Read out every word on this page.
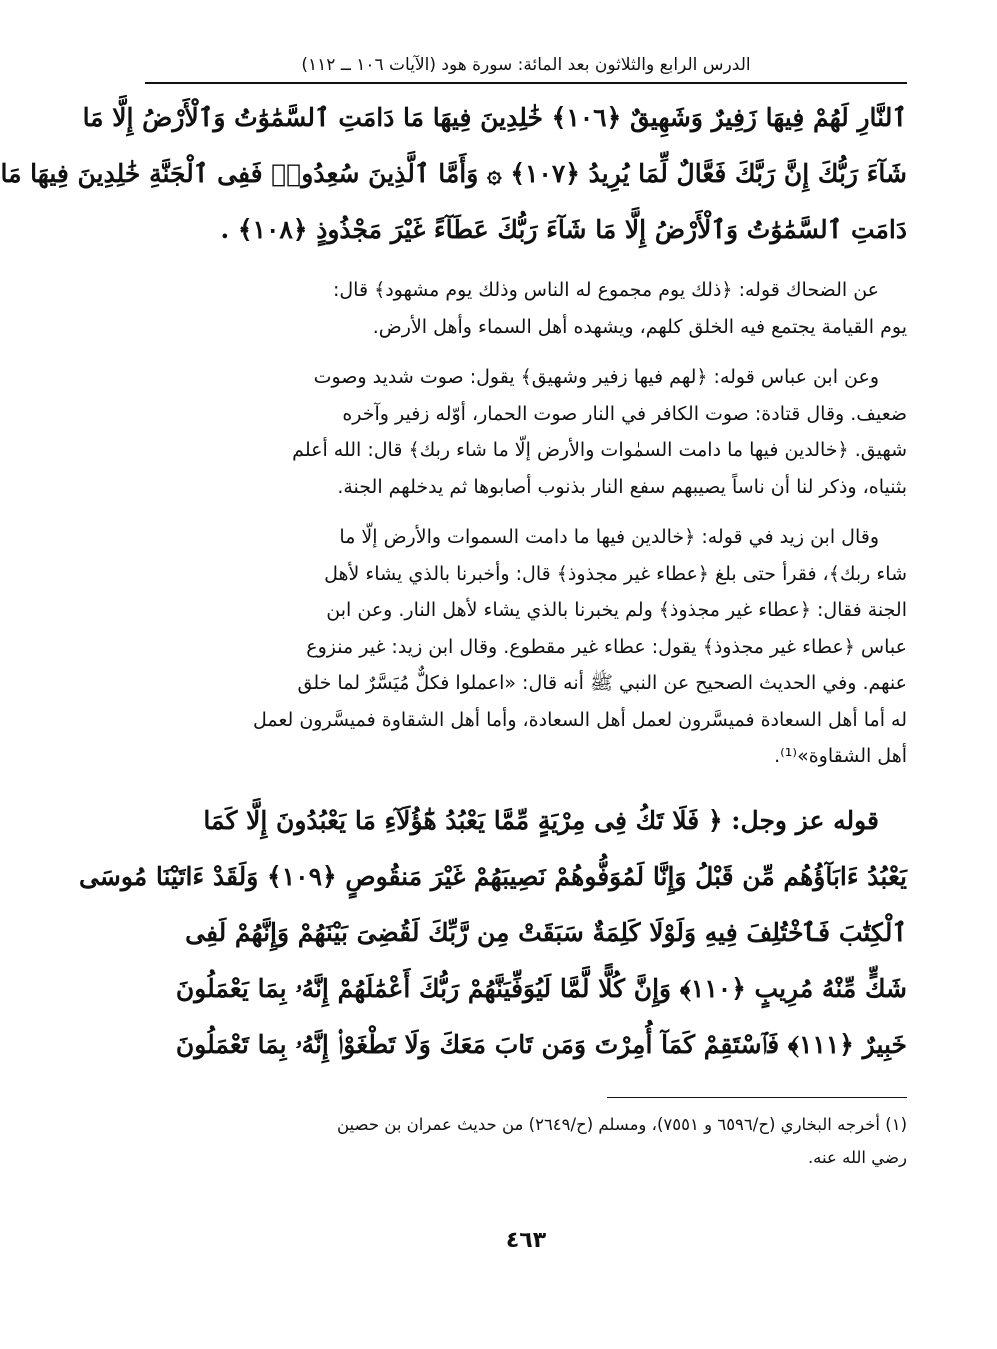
الدرس الرابع والثلاثون بعد المائة: سورة هود (الآيات ١٠٦ ــ ١١٢)
ٱلنَّارِ لَهُمْ فِيهَا زَفِيرٌ وَشَهِيقٌ ﴿١٠٦﴾ خَٰلِدِينَ فِيهَا مَا دَامَتِ ٱلسَّمَٰوَٰتُ وَٱلْأَرْضُ إِلَّا مَا
شَآءَ رَبُّكَ إِنَّ رَبَّكَ فَعَّالٌ لِّمَا يُرِيدُ ﴿١٠٧﴾ ۞ وَأَمَّا ٱلَّذِينَ سُعِدُوا۟ فَفِى ٱلْجَنَّةِ خَٰلِدِينَ فِيهَا مَا
دَامَتِ ٱلسَّمَٰوَٰتُ وَٱلْأَرْضُ إِلَّا مَا شَآءَ رَبُّكَ عَطَآءً غَيْرَ مَجْذُوذٍ ﴿١٠٨﴾ .
عن الضحاك قوله: ﴿ذلك يوم مجموع له الناس وذلك يوم مشهود﴾ قال:
يوم القيامة يجتمع فيه الخلق كلهم، ويشهده أهل السماء وأهل الأرض.
وعن ابن عباس قوله: ﴿لهم فيها زفير وشهيق﴾ يقول: صوت شديد وصوت
ضعيف. وقال قتادة: صوت الكافر في النار صوت الحمار، أوّله زفير وآخره
شهيق. ﴿خالدين فيها ما دامت السمٰوات والأرض إلّا ما شاء ربك﴾ قال: الله أعلم
بثنياه، وذكر لنا أن ناساً يصيبهم سفع النار بذنوب أصابوها ثم يدخلهم الجنة.
وقال ابن زيد في قوله: ﴿خالدين فيها ما دامت السموات والأرض إلّا ما
شاء ربك﴾، فقرأ حتى بلغ ﴿عطاء غير مجذوذ﴾ قال: وأخبرنا بالذي يشاء لأهل
الجنة فقال: ﴿عطاء غير مجذوذ﴾ ولم يخبرنا بالذي يشاء لأهل النار. وعن ابن
عباس ﴿عطاء غير مجذوذ﴾ يقول: عطاء غير مقطوع. وقال ابن زيد: غير منزوع
عنهم. وفي الحديث الصحيح عن النبي ﷺ أنه قال: «اعملوا فكلٌّ مُيَسَّرٌ لما خلق
له أما أهل السعادة فميسَّرون لعمل أهل السعادة، وأما أهل الشقاوة فميسَّرون لعمل
أهل الشقاوة»⁽¹⁾.
قوله عز وجل: ﴿ فَلَا تَكُ فِى مِرْيَةٍ مِّمَّا يَعْبُدُ هَٰٓؤُلَآءِ مَا يَعْبُدُونَ إِلَّا كَمَا
يَعْبُدُ ءَابَآؤُهُم مِّن قَبْلُ وَإِنَّا لَمُوَفُّوهُمْ نَصِيبَهُمْ غَيْرَ مَنقُوصٍ ﴿١٠٩﴾ وَلَقَدْ ءَاتَيْنَا مُوسَى
ٱلْكِتَٰبَ فَٱخْتُلِفَ فِيهِ وَلَوْلَا كَلِمَةٌ سَبَقَتْ مِن رَّبِّكَ لَقُضِىَ بَيْنَهُمْ وَإِنَّهُمْ لَفِى
شَكٍّ مِّنْهُ مُرِيبٍ ﴿١١٠﴾ وَإِنَّ كُلًّا لَّمَّا لَيُوَفِّيَنَّهُمْ رَبُّكَ أَعْمَٰلَهُمْ إِنَّهُۥ بِمَا يَعْمَلُونَ
خَبِيرٌ ﴿١١١﴾ فَٱسْتَقِمْ كَمَآ أُمِرْتَ وَمَن تَابَ مَعَكَ وَلَا تَطْغَوْا۟ إِنَّهُۥ بِمَا تَعْمَلُونَ
(١) أخرجه البخاري (ح/٦٥٩٦ و ٧٥٥١)، ومسلم (ح/٢٦٤٩) من حديث عمران بن حصين
رضي الله عنه.
٤٦٣
